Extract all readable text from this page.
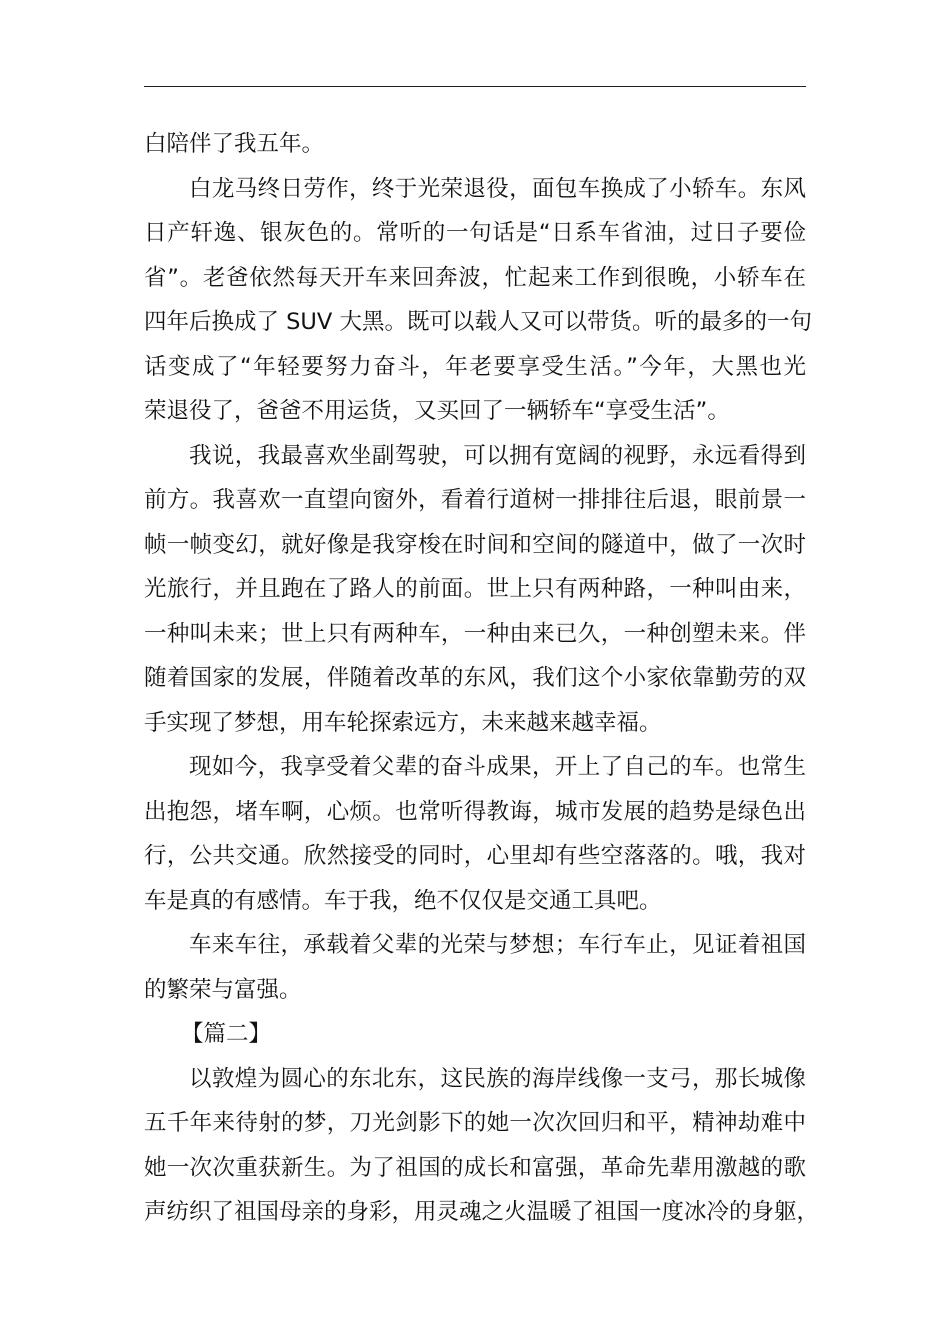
白陪伴了我五年。
白龙马终日劳作，终于光荣退役，面包车换成了小轿车。东风
日产轩逸、银灰色的。常听的一句话是“日系车省油，过日子要俭
省”。老爸依然每天开车来回奔波，忙起来工作到很晚，小轿车在
四年后换成了 SUV 大黑。既可以载人又可以带货。听的最多的一句
话变成了“年轻要努力奋斗，年老要享受生活。”今年，大黑也光
荣退役了，爸爸不用运货，又买回了一辆轿车“享受生活”。
我说，我最喜欢坐副驾驶，可以拥有宽阔的视野，永远看得到
前方。我喜欢一直望向窗外，看着行道树一排排往后退，眼前景一
帧一帧变幻，就好像是我穿梭在时间和空间的隧道中，做了一次时
光旅行，并且跑在了路人的前面。世上只有两种路，一种叫由来，
一种叫未来；世上只有两种车，一种由来已久，一种创塑未来。伴
随着国家的发展，伴随着改革的东风，我们这个小家依靠勤劳的双
手实现了梦想，用车轮探索远方，未来越来越幸福。
现如今，我享受着父辈的奋斗成果，开上了自己的车。也常生
出抱怨，堵车啊，心烦。也常听得教诲，城市发展的趋势是绿色出
行，公共交通。欣然接受的同时，心里却有些空落落的。哦，我对
车是真的有感情。车于我，绝不仅仅是交通工具吧。
车来车往，承载着父辈的光荣与梦想；车行车止，见证着祖国
的繁荣与富强。
【篇二】
以敦煌为圆心的东北东，这民族的海岸线像一支弓，那长城像
五千年来待射的梦，刀光剑影下的她一次次回归和平，精神劫难中
她一次次重获新生。为了祖国的成长和富强，革命先辈用激越的歌
声纺织了祖国母亲的身彩，用灵魂之火温暖了祖国一度冰冷的身躯，
